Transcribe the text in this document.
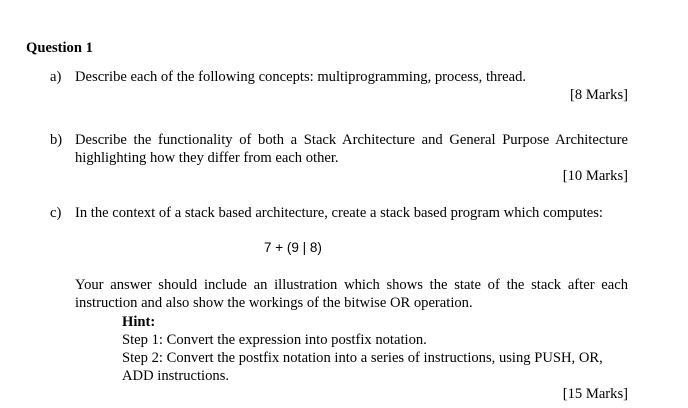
Question 1
a) Describe each of the following concepts: multiprogramming, process, thread.
[8 Marks]
b) Describe the functionality of both a Stack Architecture and General Purpose Architecture
highlighting how they differ from each other.
[10 Marks]
c) In the context of a stack based architecture, create a stack based program which computes:
7 + (9 | 8)
Your answer should include an illustration which shows the state of the stack after each
instruction and also show the workings of the bitwise OR operation.
Hint:
Step 1: Convert the expression into postfix notation.
Step 2: Convert the postfix notation into a series of instructions, using PUSH, OR,
ADD instructions.
[15 Marks]
